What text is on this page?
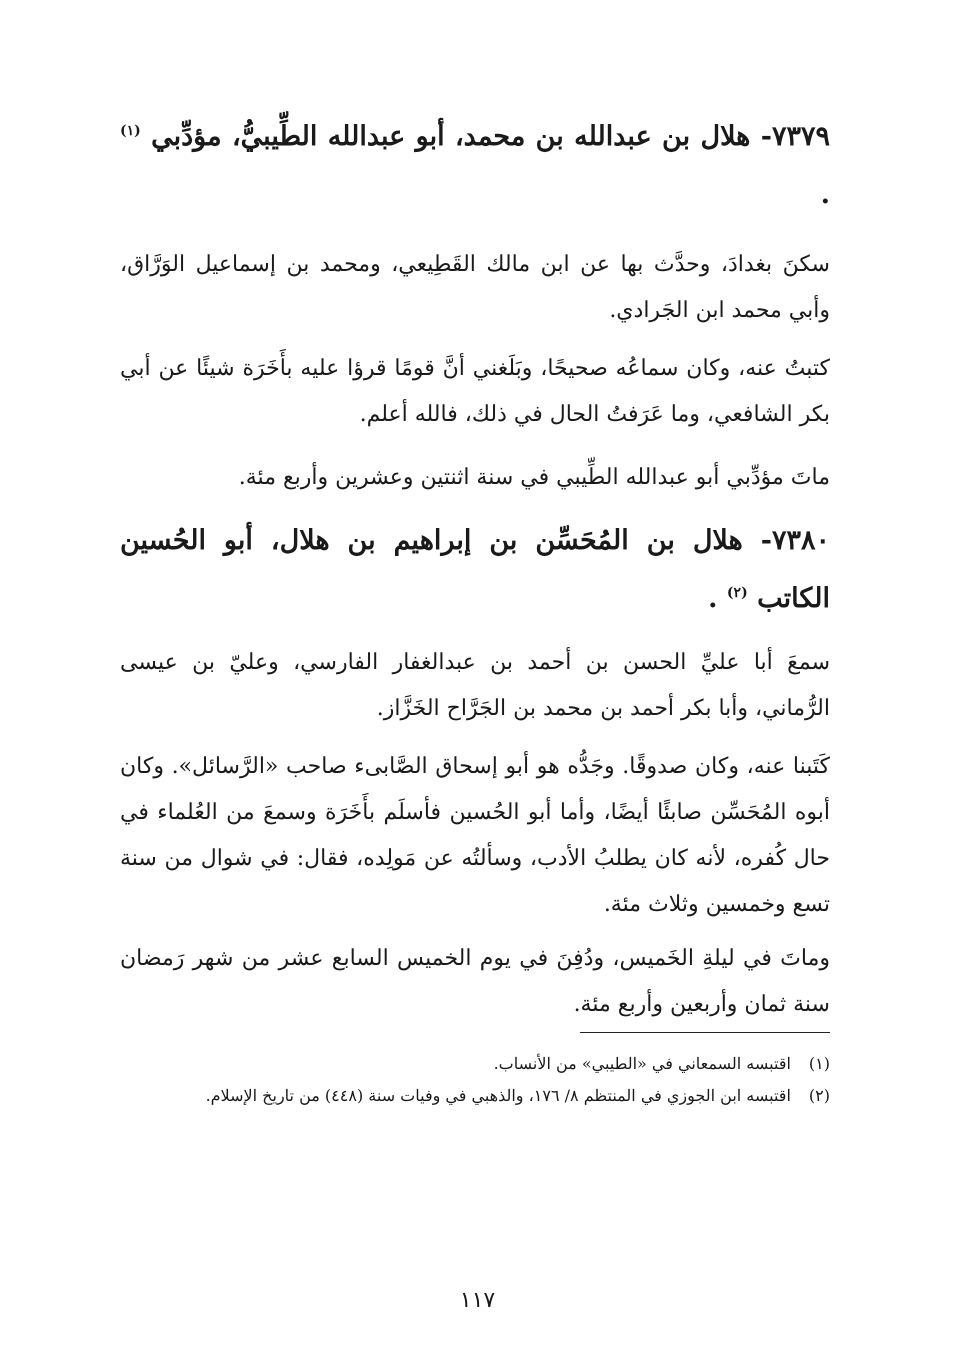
٧٣٧٩- هلال بن عبدالله بن محمد، أبو عبدالله الطِّيبيُّ، مؤدِّبي $^{(١)}$ .
سكنَ بغدادَ، وحدَّث بها عن ابن مالك القَطِيعي، ومحمد بن إسماعيل الوَرَّاق، وأبي محمد ابن الجَرادي.
كتبتُ عنه، وكان سماعُه صحيحًا، وبَلَغني أنَّ قومًا قرؤا عليه بأَخَرَة شيئًا عن أبي بكر الشافعي، وما عَرَفتُ الحال في ذلك، فالله أعلم.
ماتَ مؤدِّبي أبو عبدالله الطِّيبي في سنة اثنتين وعشرين وأربع مئة.
٧٣٨٠- هلال بن المُحَسِّن بن إبراهيم بن هلال، أبو الحُسين الكاتب $^{(٢)}$ .
سمعَ أبا عليِّ الحسن بن أحمد بن عبدالغفار الفارسي، وعليّ بن عيسى الرُّماني، وأبا بكر أحمد بن محمد بن الجَرَّاح الخَزَّاز.
كَتَبنا عنه، وكان صدوقًا. وجَدُّه هو أبو إسحاق الصَّابىء صاحب «الرَّسائل». وكان أبوه المُحَسِّن صابئًا أيضًا، وأما أبو الحُسين فأسلَم بأَخَرَة وسمعَ من العُلماء في حال كُفره، لأنه كان يطلبُ الأدب، وسألتُه عن مَولِده، فقال: في شوال من سنة تسع وخمسين وثلاث مئة.
وماتَ في ليلةِ الخَميس، ودُفِنَ في يوم الخميس السابع عشر من شهر رَمضان سنة ثمان وأربعين وأربع مئة.
(١)
اقتبسه السمعاني في «الطيبي» من الأنساب.
(٢)
اقتبسه ابن الجوزي في المنتظم ٨/ ١٧٦، والذهبي في وفيات سنة (٤٤٨) من تاريخ الإسلام.
١١٧
